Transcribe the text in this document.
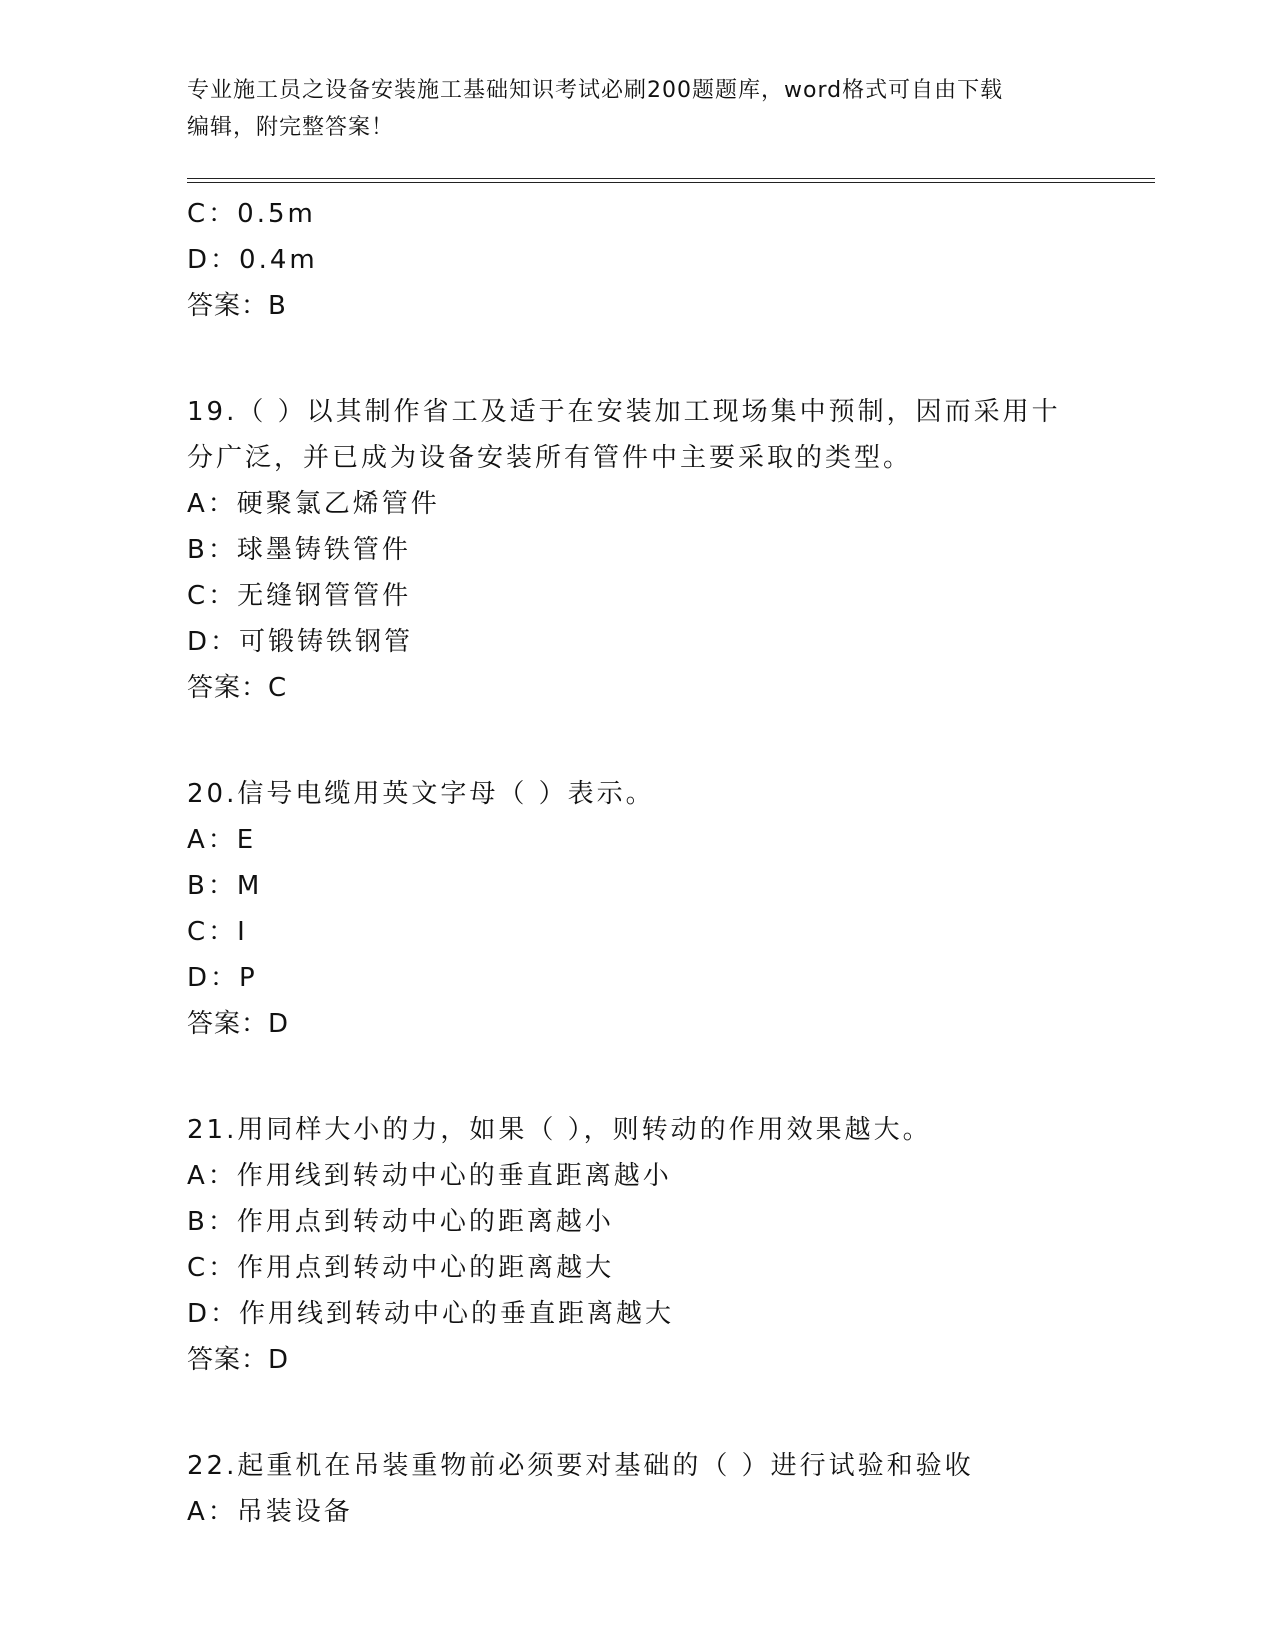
专业施工员之设备安装施工基础知识考试必刷200题题库，word格式可自由下载
编辑，附完整答案！
C：0.5m
D：0.4m
答案：B
19.（ ）以其制作省工及适于在安装加工现场集中预制，因而采用十分广泛，并已成为设备安装所有管件中主要采取的类型。
A：硬聚氯乙烯管件
B：球墨铸铁管件
C：无缝钢管管件
D：可锻铸铁钢管
答案：C
20.信号电缆用英文字母（ ）表示。
A：E
B：M
C：I
D：P
答案：D
21.用同样大小的力，如果（ ），则转动的作用效果越大。
A：作用线到转动中心的垂直距离越小
B：作用点到转动中心的距离越小
C：作用点到转动中心的距离越大
D：作用线到转动中心的垂直距离越大
答案：D
22.起重机在吊装重物前必须要对基础的（ ）进行试验和验收
A：吊装设备
